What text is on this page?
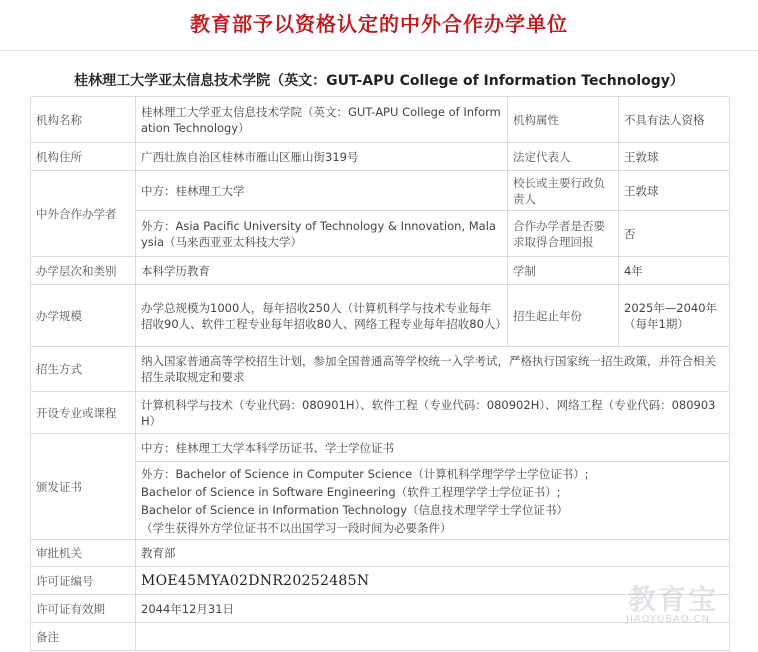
教育部予以资格认定的中外合作办学单位
桂林理工大学亚太信息技术学院（英文：GUT-APU College of Information Technology）
机构名称	桂林理工大学亚太信息技术学院（英文：GUT-APU College of Information Technology）	机构属性	不具有法人资格
机构住所	广西壮族自治区桂林市雁山区雁山街319号	法定代表人	王敦球
中外合作办学者	中方：桂林理工大学	校长或主要行政负责人	王敦球
	外方：Asia Pacific University of Technology & Innovation, Malaysia（马来西亚亚太科技大学）	合作办学者是否要求取得合理回报	否
办学层次和类别	本科学历教育	学制	4年
办学规模	办学总规模为1000人，每年招收250人（计算机科学与技术专业每年招收90人、软件工程专业每年招收80人、网络工程专业每年招收80人）	招生起止年份	2025年—2040年（每年1期）
招生方式	纳入国家普通高等学校招生计划，参加全国普通高等学校统一入学考试，严格执行国家统一招生政策，并符合相关招生录取规定和要求		
开设专业或课程	计算机科学与技术（专业代码：080901H）、软件工程（专业代码：080902H）、网络工程（专业代码：080903H）		
颁发证书	中方：桂林理工大学本科学历证书、学士学位证书		

	外方：Bachelor of Science in Computer Science（计算机科学理学学士学位证书）;
Bachelor of Science in Software Engineering（软件工程理学学士学位证书）;
Bachelor of Science in Information Technology（信息技术理学学士学位证书）
（学生获得外方学位证书不以出国学习一段时间为必要条件）		

审批机关	教育部		
许可证编号	MOE45MYA02DNR20252485N		
许可证有效期	2044年12月31日		
备注			
教育宝
JIAOYUBAO.CN
